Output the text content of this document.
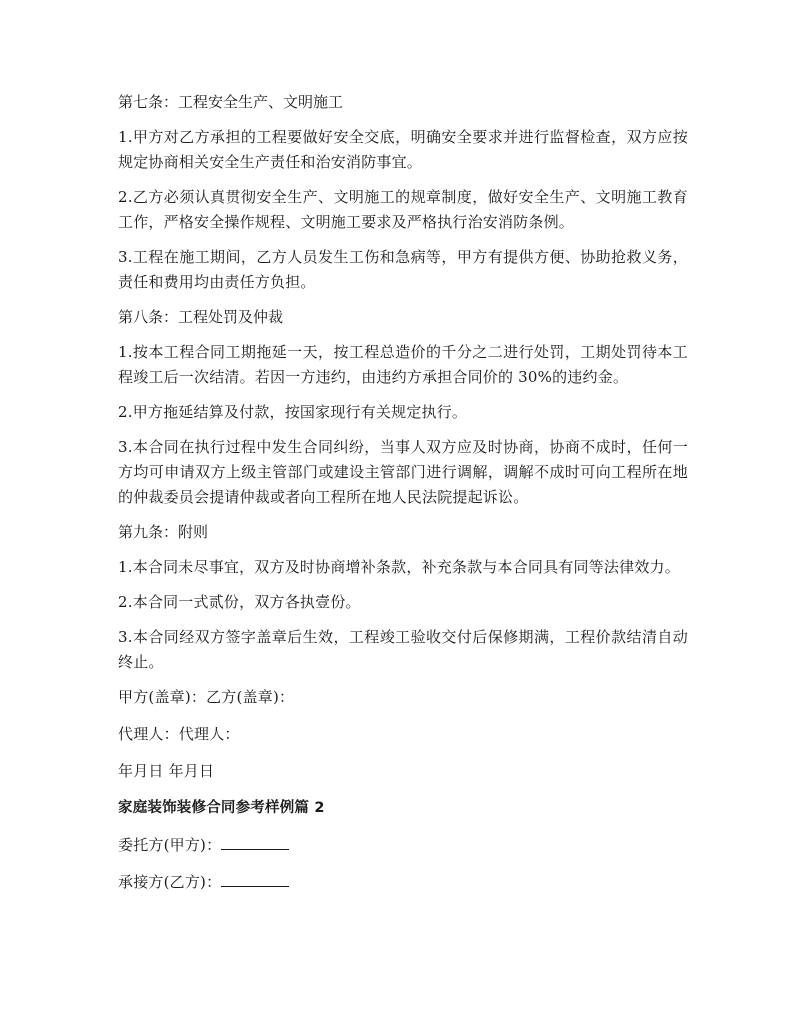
第七条：工程安全生产、文明施工

1.甲方对乙方承担的工程要做好安全交底，明确安全要求并进行监督检查，双方应按规定协商相关安全生产责任和治安消防事宜。

2.乙方必须认真贯彻安全生产、文明施工的规章制度，做好安全生产、文明施工教育工作，严格安全操作规程、文明施工要求及严格执行治安消防条例。

3.工程在施工期间，乙方人员发生工伤和急病等，甲方有提供方便、协助抢救义务，责任和费用均由责任方负担。

第八条：工程处罚及仲裁

1.按本工程合同工期拖延一天，按工程总造价的千分之二进行处罚，工期处罚待本工程竣工后一次结清。若因一方违约，由违约方承担合同价的 30%的违约金。

2.甲方拖延结算及付款，按国家现行有关规定执行。

3.本合同在执行过程中发生合同纠纷，当事人双方应及时协商，协商不成时，任何一方均可申请双方上级主管部门或建设主管部门进行调解，调解不成时可向工程所在地的仲裁委员会提请仲裁或者向工程所在地人民法院提起诉讼。

第九条：附则

1.本合同未尽事宜，双方及时协商增补条款，补充条款与本合同具有同等法律效力。

2.本合同一式贰份，双方各执壹份。

3.本合同经双方签字盖章后生效，工程竣工验收交付后保修期满，工程价款结清自动终止。

甲方(盖章)：乙方(盖章)：

代理人：代理人：

年月日 年月日

家庭装饰装修合同参考样例篇 2

委托方(甲方)：

承接方(乙方)：
